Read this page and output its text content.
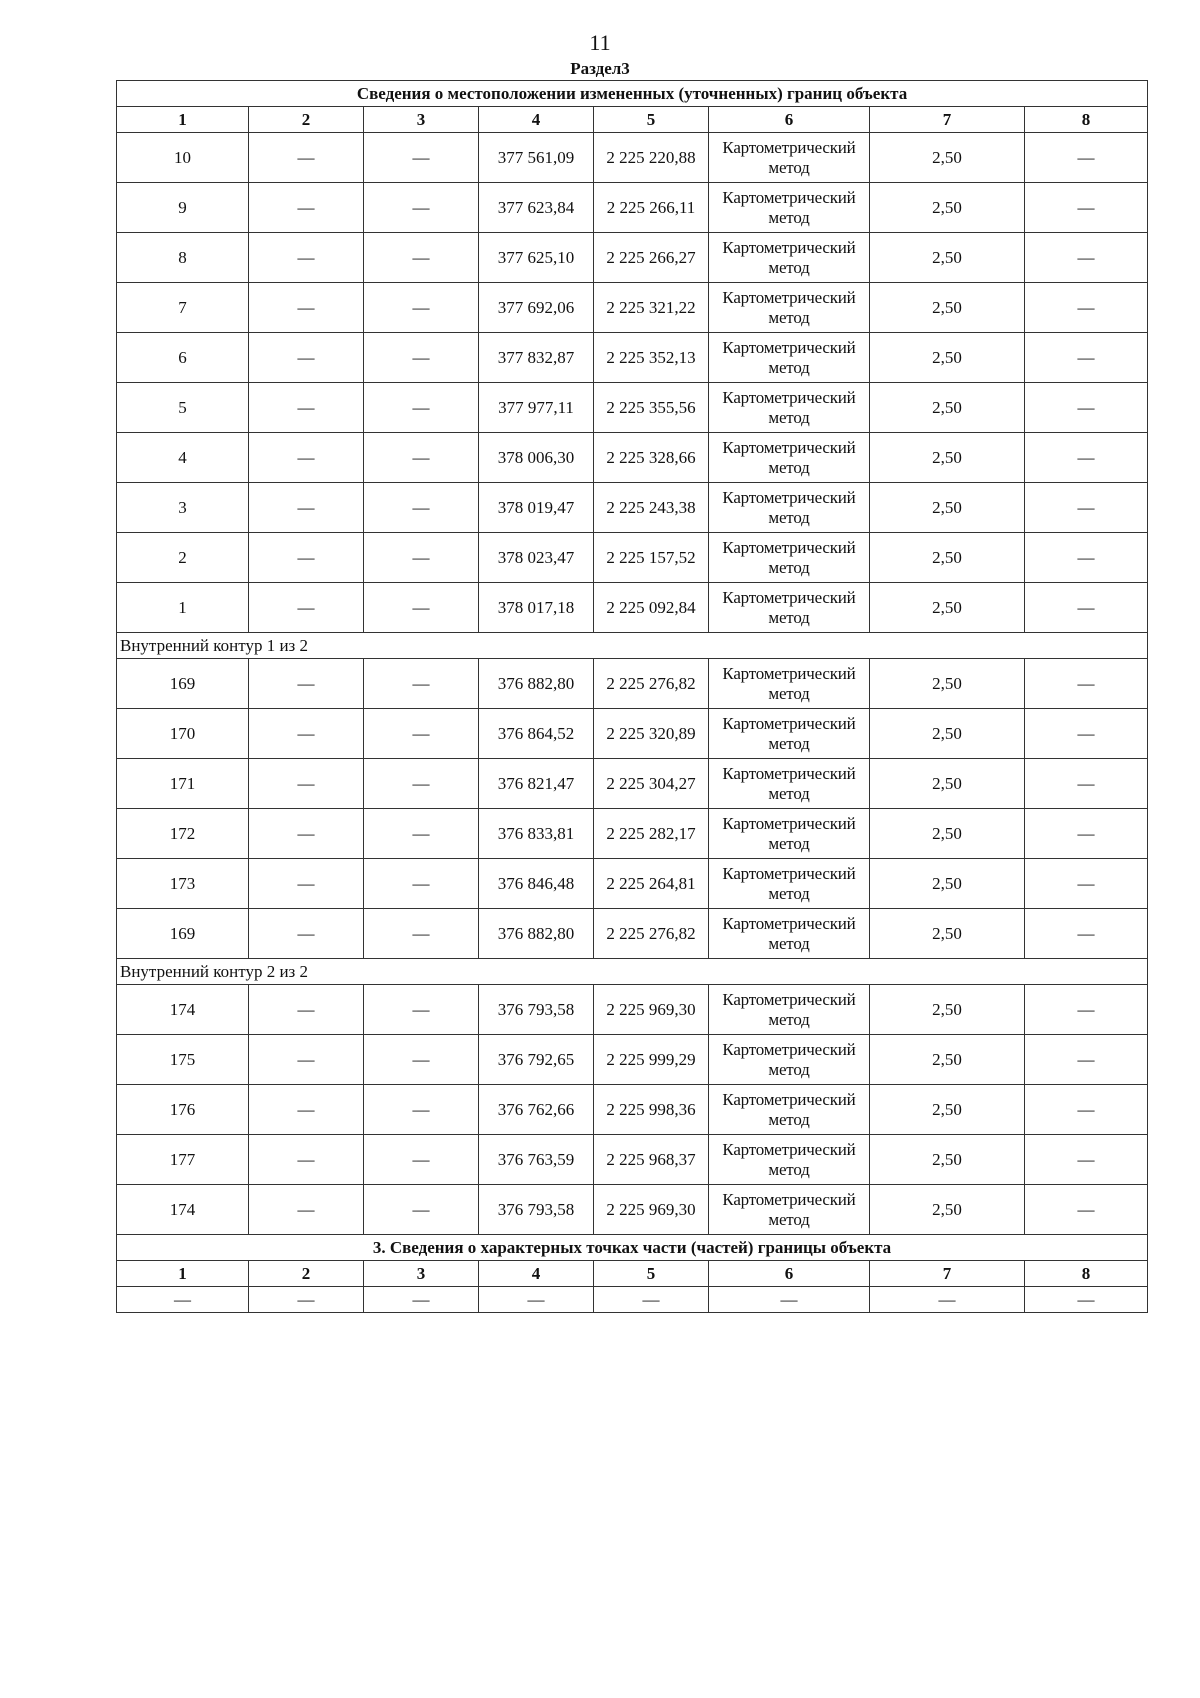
11
Раздел3
Сведения о местоположении измененных (уточненных) границ объекта							
1	2	3	4	5	6	7	8
10	—	—	377 561,09	2 225 220,88	Картометрический метод	2,50	—
9	—	—	377 623,84	2 225 266,11	Картометрический метод	2,50	—
8	—	—	377 625,10	2 225 266,27	Картометрический метод	2,50	—
7	—	—	377 692,06	2 225 321,22	Картометрический метод	2,50	—
6	—	—	377 832,87	2 225 352,13	Картометрический метод	2,50	—
5	—	—	377 977,11	2 225 355,56	Картометрический метод	2,50	—
4	—	—	378 006,30	2 225 328,66	Картометрический метод	2,50	—
3	—	—	378 019,47	2 225 243,38	Картометрический метод	2,50	—
2	—	—	378 023,47	2 225 157,52	Картометрический метод	2,50	—
1	—	—	378 017,18	2 225 092,84	Картометрический метод	2,50	—
Внутренний контур 1 из 2							
169	—	—	376 882,80	2 225 276,82	Картометрический метод	2,50	—
170	—	—	376 864,52	2 225 320,89	Картометрический метод	2,50	—
171	—	—	376 821,47	2 225 304,27	Картометрический метод	2,50	—
172	—	—	376 833,81	2 225 282,17	Картометрический метод	2,50	—
173	—	—	376 846,48	2 225 264,81	Картометрический метод	2,50	—
169	—	—	376 882,80	2 225 276,82	Картометрический метод	2,50	—
Внутренний контур 2 из 2							
174	—	—	376 793,58	2 225 969,30	Картометрический метод	2,50	—
175	—	—	376 792,65	2 225 999,29	Картометрический метод	2,50	—
176	—	—	376 762,66	2 225 998,36	Картометрический метод	2,50	—
177	—	—	376 763,59	2 225 968,37	Картометрический метод	2,50	—
174	—	—	376 793,58	2 225 969,30	Картометрический метод	2,50	—
3. Сведения о характерных точках части (частей) границы объекта							
1	2	3	4	5	6	7	8
—	—	—	—	—	—	—	—
